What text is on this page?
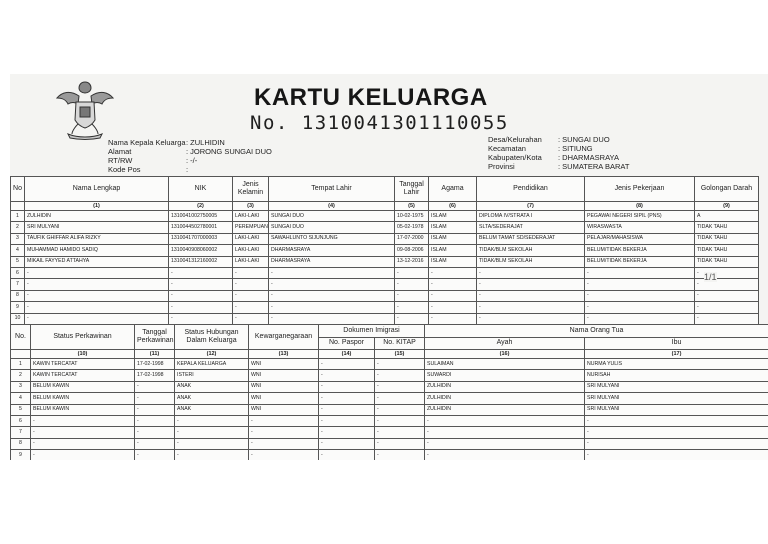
KARTU KELUARGA
No. 1310041301110055
Nama Kepala Keluarga : ZULHIDIN
Alamat	: JORONG SUNGAI DUO
RT/RW	: -/-
Kode Pos	:
Desa/Kelurahan : SUNGAI DUO
Kecamatan	: SITIUNG
Kabupaten/Kota : DHARMASRAYA
Provinsi	: SUMATERA BARAT
No	Nama Lengkap	NIK	Jenis Kelamin	Tempat Lahir	Tanggal Lahir	Agama	Pendidikan	Jenis Pekerjaan	Golongan Darah
	(1)	(2)	(3)	(4)	(5)	(6)	(7)	(8)	(9)
1	ZULHIDIN	1310041002750005	LAKI-LAKI	SUNGAI DUO	10-02-1975	ISLAM	DIPLOMA IV/STRATA I	PEGAWAI NEGERI SIPIL (PNS)	A
2	SRI MULYANI	1310044502780001	PEREMPUAN	SUNGAI DUO	05-02-1978	ISLAM	SLTA/SEDERAJAT	WIRASWASTA	TIDAK TAHU
3	TAUFIK GHIFFAR ALIFA RIZKY	1310041707000003	LAKI-LAKI	SAWAHLUNTO SIJUNJUNG	17-07-2000	ISLAM	BELUM TAMAT SD/SEDERAJAT	PELAJAR/MAHASISWA	TIDAK TAHU
4	MUHAMMAD HAMIDO SADIQ	1310040908060002	LAKI-LAKI	DHARMASRAYA	09-08-2006	ISLAM	TIDAK/BLM SEKOLAH	BELUM/TIDAK BEKERJA	TIDAK TAHU
5	MIKAIL FAYYED ATTAHYA	1310041312160002	LAKI-LAKI	DHARMASRAYA	13-12-2016	ISLAM	TIDAK/BLM SEKOLAH	BELUM/TIDAK BEKERJA	TIDAK TAHU
6	-	-	-	-	-	-	-	-	-
7	-	-	-	-	-	-	-	-	-
8	-	-	-	-	-	-	-	-	-
9	-	-	-	-	-	-	-	-	-
10	-	-	-	-	-	-	-	-	-
1/1
No.	Status Perkawinan	Tanggal Perkawinan	Status Hubungan Dalam Keluarga	Kewarganegaraan	Dokumen Imigrasi		Nama Orang Tua	
					No. Paspor	No. KITAP	Ayah	Ibu
	(10)	(11)	(12)	(13)	(14)	(15)	(16)	(17)
1	KAWIN TERCATAT	17-02-1998	KEPALA KELUARGA	WNI	-	-	SULAIMAN	NURMA YULIS
2	KAWIN TERCATAT	17-02-1998	ISTERI	WNI	-	-	SUWARDI	NURISAH
3	BELUM KAWIN	-	ANAK	WNI	-	-	ZULHIDIN	SRI MULYANI
4	BELUM KAWIN	-	ANAK	WNI	-	-	ZULHIDIN	SRI MULYANI
5	BELUM KAWIN	-	ANAK	WNI	-	-	ZULHIDIN	SRI MULYANI
6	-	-	-	-	-	-	-	-
7	-	-	-	-	-	-	-	-
8	-	-	-	-	-	-	-	-
9	-	-	-	-	-	-	-	-
